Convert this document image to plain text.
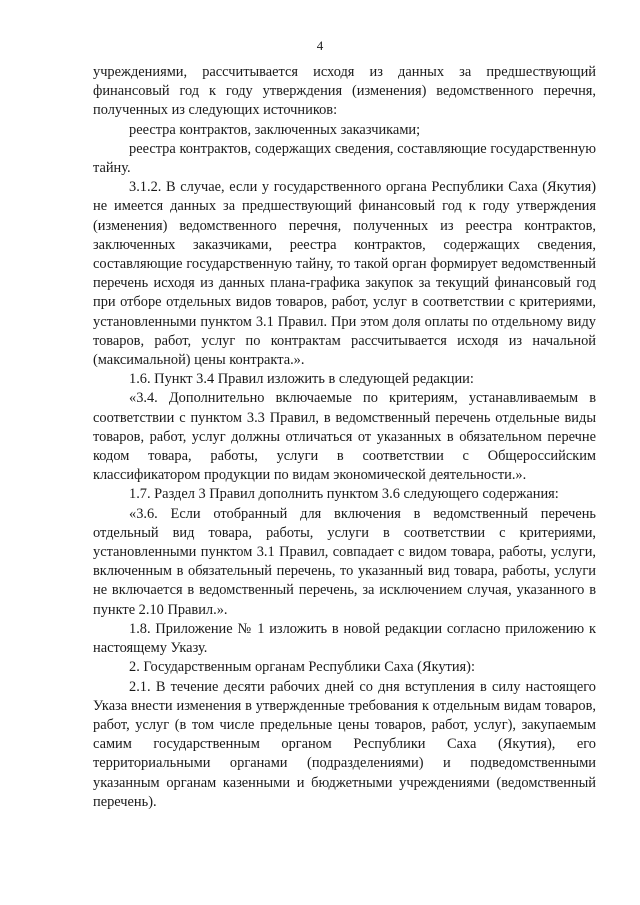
4

учреждениями, рассчитывается исходя из данных за предшествующий финансовый год к году утверждения (изменения) ведомственного перечня, полученных из следующих источников:

реестра контрактов, заключенных заказчиками;

реестра контрактов, содержащих сведения, составляющие государственную тайну.

3.1.2. В случае, если у государственного органа Республики Саха (Якутия) не имеется данных за предшествующий финансовый год к году утверждения (изменения) ведомственного перечня, полученных из реестра контрактов, заключенных заказчиками, реестра контрактов, содержащих сведения, составляющие государственную тайну, то такой орган формирует ведомственный перечень исходя из данных плана-графика закупок за текущий финансовый год при отборе отдельных видов товаров, работ, услуг в соответствии с критериями, установленными пунктом 3.1 Правил. При этом доля оплаты по отдельному виду товаров, работ, услуг по контрактам рассчитывается исходя из начальной (максимальной) цены контракта.».

1.6. Пункт 3.4 Правил изложить в следующей редакции:

«3.4. Дополнительно включаемые по критериям, устанавливаемым в соответствии с пунктом 3.3 Правил, в ведомственный перечень отдельные виды товаров, работ, услуг должны отличаться от указанных в обязательном перечне кодом товара, работы, услуги в соответствии с Общероссийским классификатором продукции по видам экономической деятельности.».

1.7. Раздел 3 Правил дополнить пунктом 3.6 следующего содержания:

«3.6. Если отобранный для включения в ведомственный перечень отдельный вид товара, работы, услуги в соответствии с критериями, установленными пунктом 3.1 Правил, совпадает с видом товара, работы, услуги, включенным в обязательный перечень, то указанный вид товара, работы, услуги не включается в ведомственный перечень, за исключением случая, указанного в пункте 2.10 Правил.».

1.8. Приложение № 1 изложить в новой редакции согласно приложению к настоящему Указу.

2. Государственным органам Республики Саха (Якутия):

2.1. В течение десяти рабочих дней со дня вступления в силу настоящего Указа внести изменения в утвержденные требования к отдельным видам товаров, работ, услуг (в том числе предельные цены товаров, работ, услуг), закупаемым самим государственным органом Республики Саха (Якутия), его территориальными органами (подразделениями) и подведомственными указанным органам казенными и бюджетными учреждениями (ведомственный перечень).
